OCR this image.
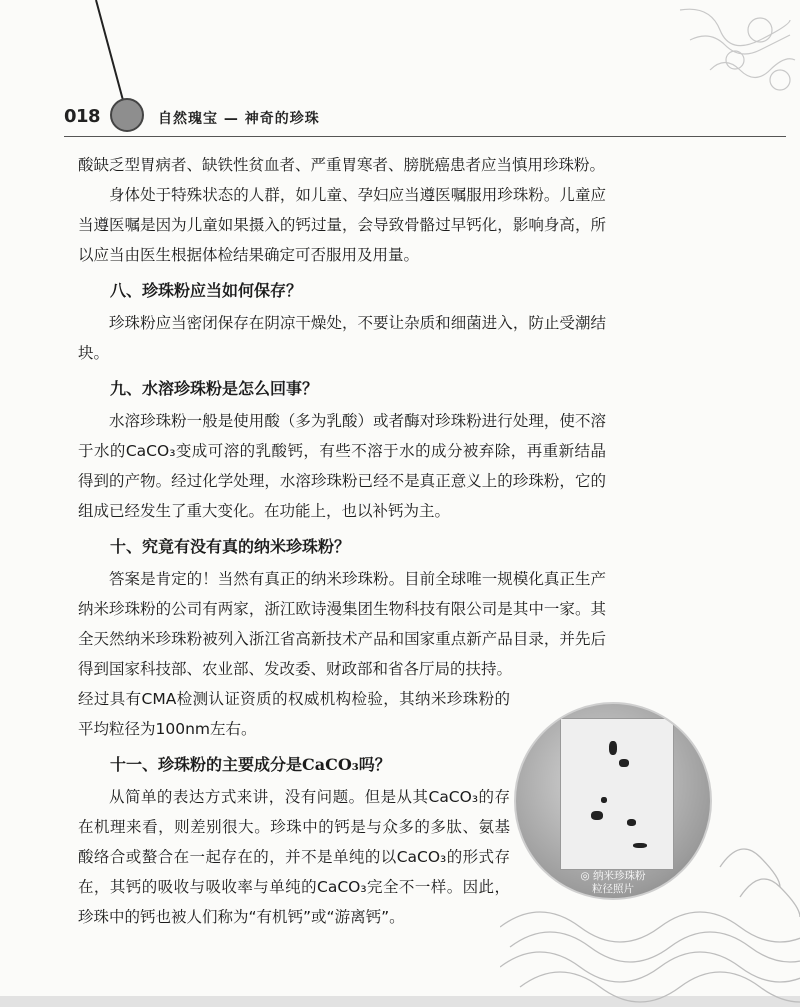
018	自然瑰宝 — 神奇的珍珠

酸缺乏型胃病者、缺铁性贫血者、严重胃寒者、膀胱癌患者应当慎用珍珠粉。

身体处于特殊状态的人群，如儿童、孕妇应当遵医嘱服用珍珠粉。儿童应当遵医嘱是因为儿童如果摄入的钙过量，会导致骨骼过早钙化，影响身高，所以应当由医生根据体检结果确定可否服用及用量。

八、珍珠粉应当如何保存？

珍珠粉应当密闭保存在阴凉干燥处，不要让杂质和细菌进入，防止受潮结块。

九、水溶珍珠粉是怎么回事？

水溶珍珠粉一般是使用酸（多为乳酸）或者酶对珍珠粉进行处理，使不溶于水的CaCO₃变成可溶的乳酸钙，有些不溶于水的成分被弃除，再重新结晶得到的产物。经过化学处理，水溶珍珠粉已经不是真正意义上的珍珠粉，它的组成已经发生了重大变化。在功能上，也以补钙为主。

十、究竟有没有真的纳米珍珠粉？

答案是肯定的！当然有真正的纳米珍珠粉。目前全球唯一规模化真正生产纳米珍珠粉的公司有两家，浙江欧诗漫集团生物科技有限公司是其中一家。其全天然纳米珍珠粉被列入浙江省高新技术产品和国家重点新产品目录，并先后得到国家科技部、农业部、发改委、财政部和省各厅局的扶持。

经过具有CMA检测认证资质的权威机构检验，其纳米珍珠粉的平均粒径为100nm左右。

十一、珍珠粉的主要成分是CaCO₃吗？

从简单的表达方式来讲，没有问题。但是从其CaCO₃的存在机理来看，则差别很大。珍珠中的钙是与众多的多肽、氨基酸络合或螯合在一起存在的，并不是单纯的以CaCO₃的形式存在，其钙的吸收与吸收率与单纯的CaCO₃完全不一样。因此，珍珠中的钙也被人们称为“有机钙”或“游离钙”。

◎ 纳米珍珠粉
粒径照片
